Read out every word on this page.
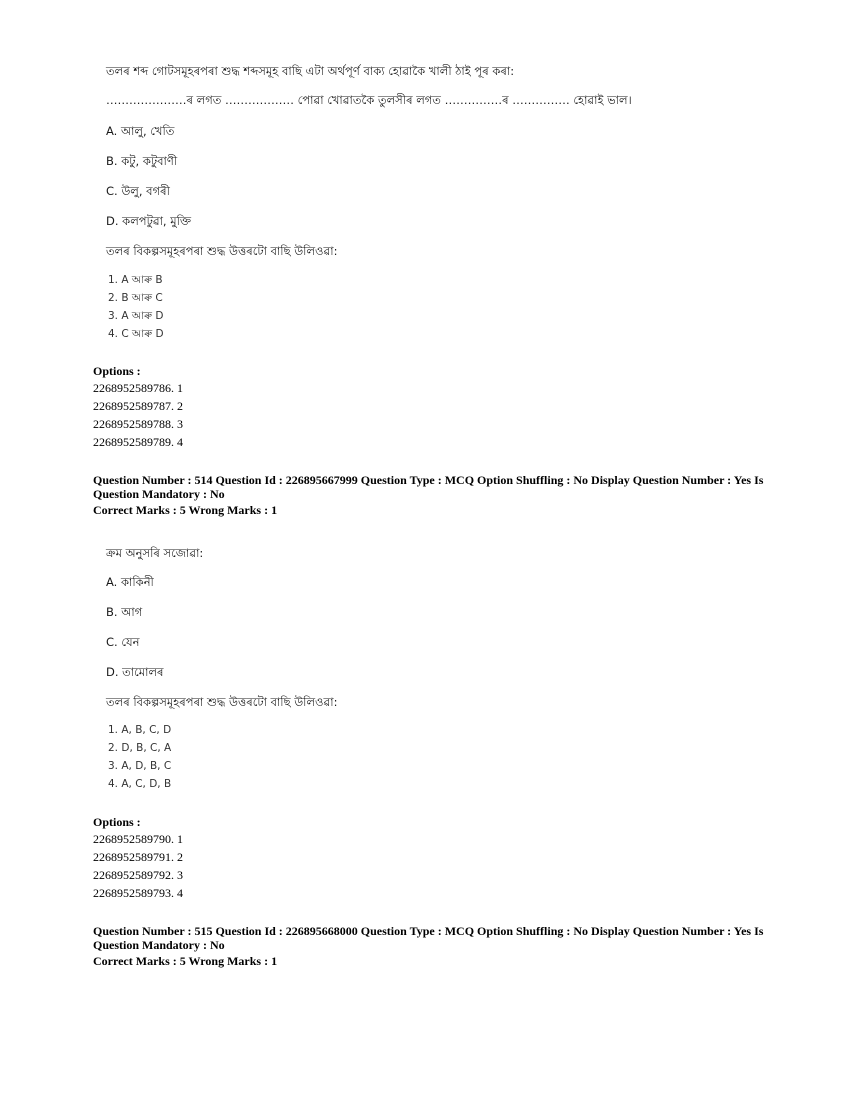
তলৰ শব্দ গোটসমূহৰপৰা শুদ্ধ শব্দসমূহ বাছি এটা অৰ্থপূৰ্ণ বাক্য হোৱাকৈ খালী ঠাই পূৰ কৰা:
…………………ৰ লগত ……………… পোৱা খোৱাতকৈ তুলসীৰ লগত ……………ৰ …………… হোৱাই ভাল।
A. আলু, খেতি
B. কটু, কটুবাণী
C. উলু, বগৰী
D. কলপটুৱা, মুক্তি
তলৰ বিকল্পসমূহৰপৰা শুদ্ধ উত্তৰটো বাছি উলিওৱা:
1. A আৰু B
2. B আৰু C
3. A আৰু D
4. C আৰু D
Options :
2268952589786. 1
2268952589787. 2
2268952589788. 3
2268952589789. 4
Question Number : 514 Question Id : 226895667999 Question Type : MCQ Option Shuffling : No Display Question Number : Yes Is
Question Mandatory : No
Correct Marks : 5 Wrong Marks : 1
ক্ৰম অনুসৰি সজোৱা:
A. কাকিনী
B. আগ
C. যেন
D. তামোলৰ
তলৰ বিকল্পসমূহৰপৰা শুদ্ধ উত্তৰটো বাছি উলিওৱা:
1. A, B, C, D
2. D, B, C, A
3. A, D, B, C
4. A, C, D, B
Options :
2268952589790. 1
2268952589791. 2
2268952589792. 3
2268952589793. 4
Question Number : 515 Question Id : 226895668000 Question Type : MCQ Option Shuffling : No Display Question Number : Yes Is
Question Mandatory : No
Correct Marks : 5 Wrong Marks : 1
